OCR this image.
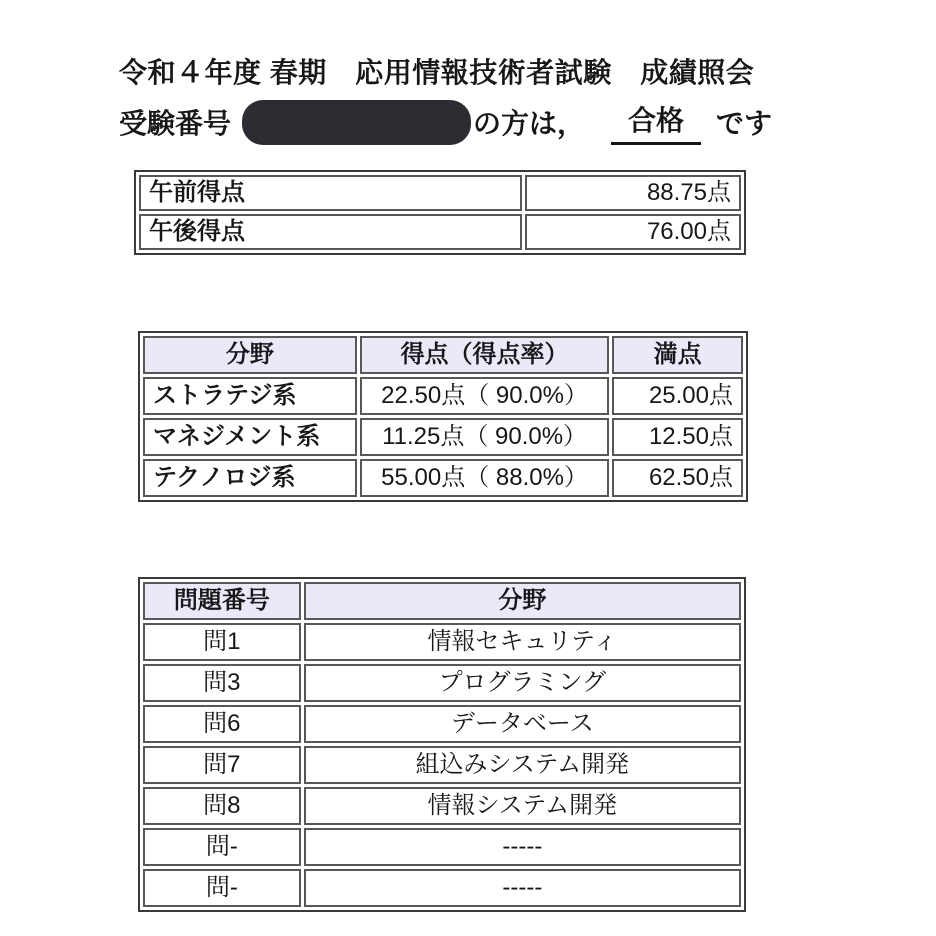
令和４年度 春期　応用情報技術者試験　成績照会
受験番号	の方は，	合格	です
午前得点	88.75点
午後得点	76.00点
分野	得点（得点率）	満点
ストラテジ系	22.50点（ 90.0%）	25.00点
マネジメント系	11.25点（ 90.0%）	12.50点
テクノロジ系	55.00点（ 88.0%）	62.50点
問題番号	分野
問1	情報セキュリティ
問3	プログラミング
問6	データベース
問7	組込みシステム開発
問8	情報システム開発
問-	-----
問-	-----
